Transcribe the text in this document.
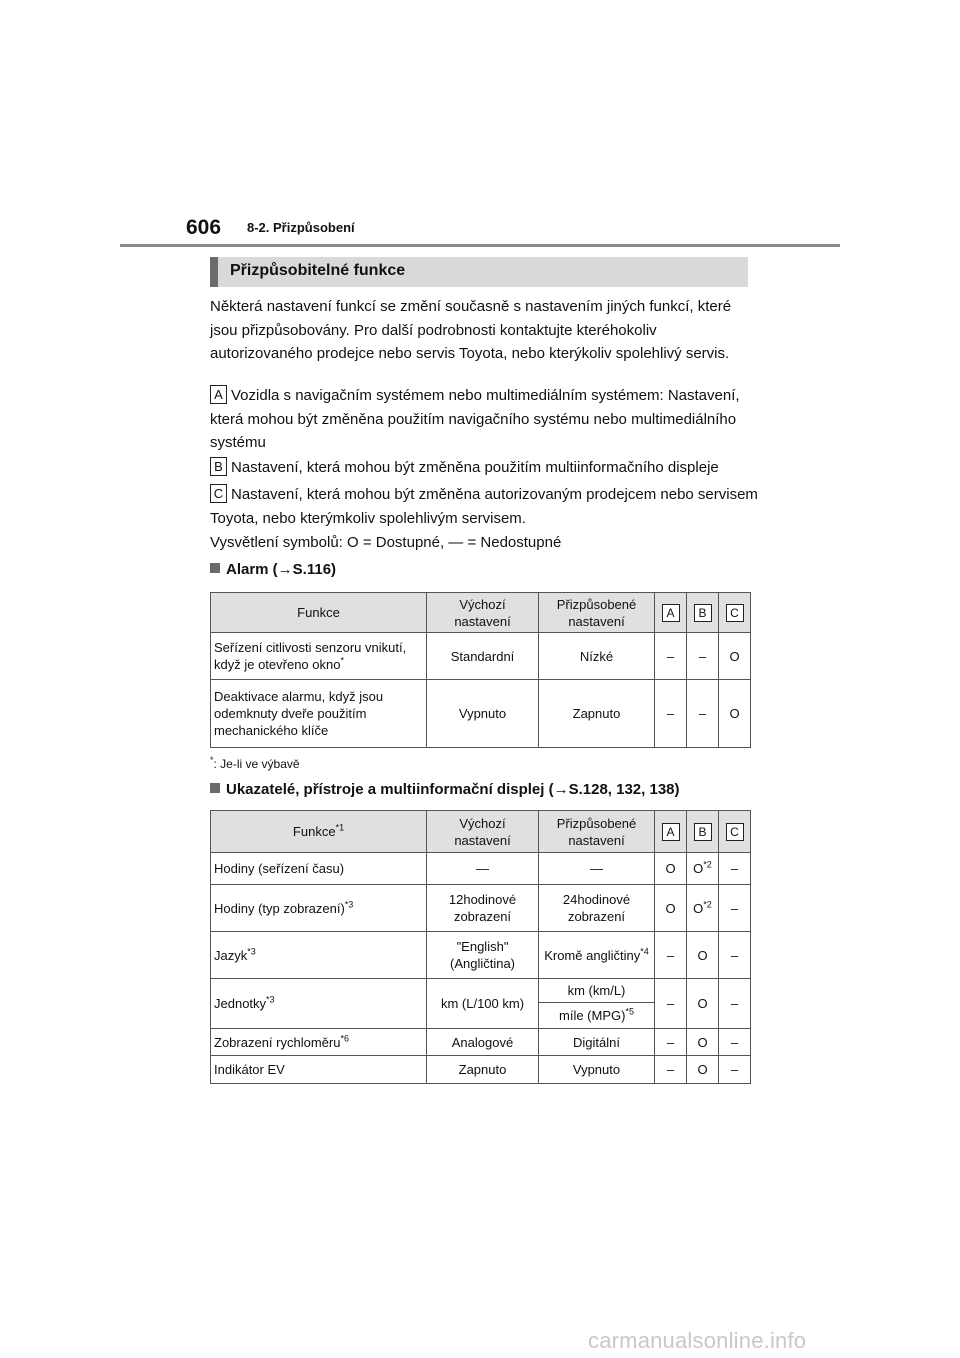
606 8-2. Přizpůsobení
Přizpůsobitelné funkce
Některá nastavení funkcí se změní současně s nastavením jiných funkcí, které jsou přizpůsobovány. Pro další podrobnosti kontaktujte kteréhokoliv autorizovaného prodejce nebo servis Toyota, nebo kterýkoliv spolehlivý servis.
A Vozidla s navigačním systémem nebo multimediálním systémem: Nastavení, která mohou být změněna použitím navigačního systému nebo multimediálního systému
B Nastavení, která mohou být změněna použitím multiinformačního displeje
C Nastavení, která mohou být změněna autorizovaným prodejcem nebo servisem Toyota, nebo kterýmkoliv spolehlivým servisem.
Vysvětlení symbolů: O = Dostupné, — = Nedostupné
Alarm (→S.116)
Funkce	Výchozí nastavení	Přizpůsobené nastavení	A	B	C
Seřízení citlivosti senzoru vnikutí, když je otevřeno okno*	Standardní	Nízké	–	–	O
Deaktivace alarmu, když jsou odemknuty dveře použitím mechanického klíče	Vypnuto	Zapnuto	–	–	O
*: Je-li ve výbavě
Ukazatelé, přístroje a multiinformační displej (→S.128, 132, 138)
Funkce$^{*1}$	Výchozí nastavení	Přizpůsobené nastavení	A	B	C
Hodiny (seřízení času)	—	—	O	$O^{*2}$	–
Hodiny (typ zobrazení)$^{*3}$	12hodinové zobrazení	24hodinové zobrazení	O	$O^{*2}$	–
Jazyk$^{*3}$	"English" (Angličtina)	Kromě angličtiny$^{*4}$	–	O	–
Jednotky$^{*3}$	km (L/100 km)	km (km/L)	–	O	–
		míle (MPG)$^{*5}$
Zobrazení rychloměru$^{*6}$	Analogové	Digitální	–	O	–
Indikátor EV	Zapnuto	Vypnuto	–	O	–
carmanualsonline.info
